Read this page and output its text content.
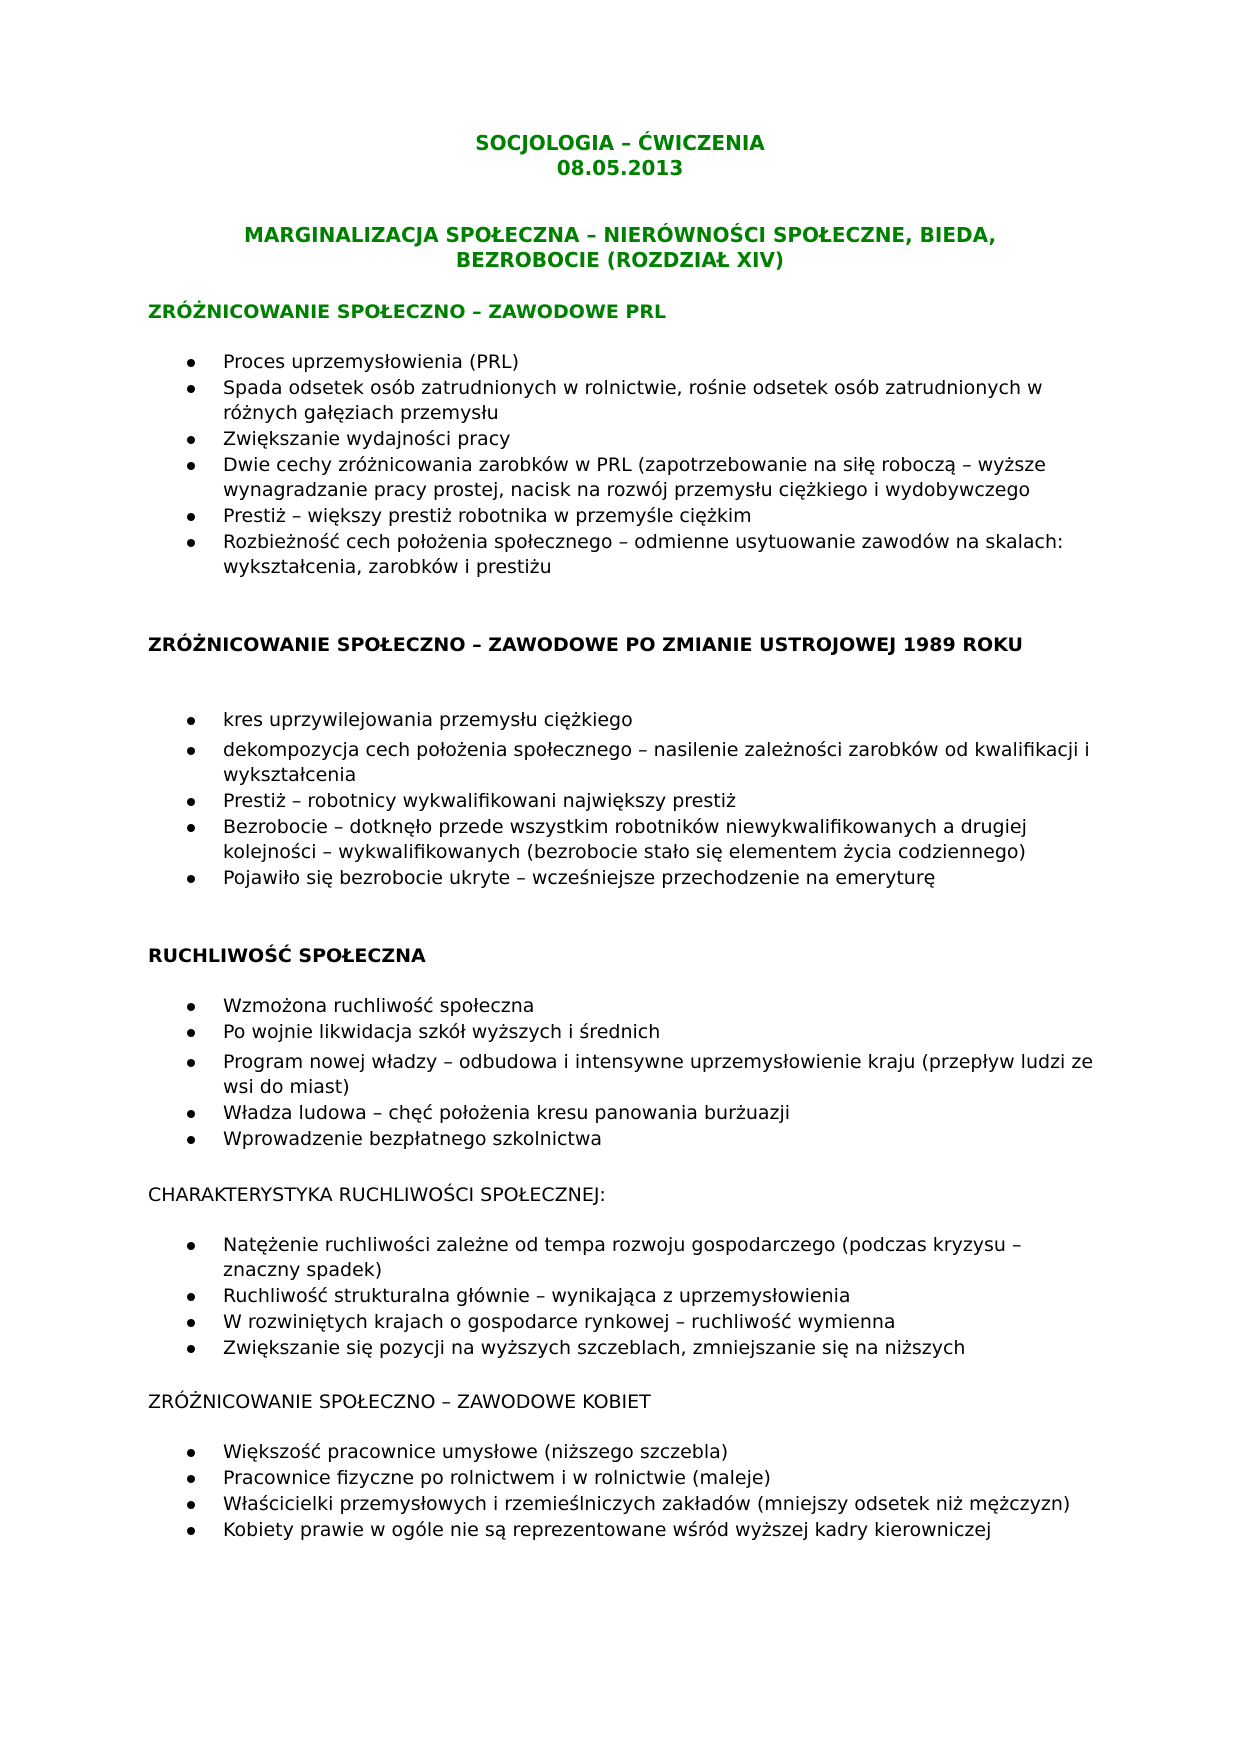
SOCJOLOGIA – ĆWICZENIA
08.05.2013
MARGINALIZACJA SPOŁECZNA – NIERÓWNOŚCI SPOŁECZNE, BIEDA,
BEZROBOCIE (ROZDZIAŁ XIV)
ZRÓŻNICOWANIE SPOŁECZNO – ZAWODOWE PRL
Proces uprzemysłowienia (PRL)
Spada odsetek osób zatrudnionych w rolnictwie, rośnie odsetek osób zatrudnionych w różnych gałęziach przemysłu
Zwiększanie wydajności pracy
Dwie cechy zróżnicowania zarobków w PRL (zapotrzebowanie na siłę roboczą – wyższe wynagradzanie pracy prostej, nacisk na rozwój przemysłu ciężkiego i wydobywczego
Prestiż – większy prestiż robotnika w przemyśle ciężkim
Rozbieżność cech położenia społecznego – odmienne usytuowanie zawodów na skalach: wykształcenia, zarobków i prestiżu
ZRÓŻNICOWANIE SPOŁECZNO – ZAWODOWE PO ZMIANIE USTROJOWEJ 1989 ROKU
kres uprzywilejowania przemysłu ciężkiego
dekompozycja cech położenia społecznego – nasilenie zależności zarobków od kwalifikacji i wykształcenia
Prestiż – robotnicy wykwalifikowani największy prestiż
Bezrobocie – dotknęło przede wszystkim robotników niewykwalifikowanych a drugiej kolejności – wykwalifikowanych (bezrobocie stało się elementem życia codziennego)
Pojawiło się bezrobocie ukryte – wcześniejsze przechodzenie na emeryturę
RUCHLIWOŚĆ SPOŁECZNA
Wzmożona ruchliwość społeczna
Po wojnie likwidacja szkół wyższych i średnich
Program nowej władzy – odbudowa i intensywne uprzemysłowienie kraju (przepływ ludzi ze wsi do miast)
Władza ludowa – chęć położenia kresu panowania burżuazji
Wprowadzenie bezpłatnego szkolnictwa
CHARAKTERYSTYKA RUCHLIWOŚCI SPOŁECZNEJ:
Natężenie ruchliwości zależne od tempa rozwoju gospodarczego (podczas kryzysu – znaczny spadek)
Ruchliwość strukturalna głównie – wynikająca z uprzemysłowienia
W rozwiniętych krajach o gospodarce rynkowej – ruchliwość wymienna
Zwiększanie się pozycji na wyższych szczeblach, zmniejszanie się na niższych
ZRÓŻNICOWANIE SPOŁECZNO – ZAWODOWE KOBIET
Większość pracownice umysłowe (niższego szczebla)
Pracownice fizyczne po rolnictwem i w rolnictwie (maleje)
Właścicielki przemysłowych i rzemieślniczych zakładów (mniejszy odsetek niż mężczyzn)
Kobiety prawie w ogóle nie są reprezentowane wśród wyższej kadry kierowniczej
